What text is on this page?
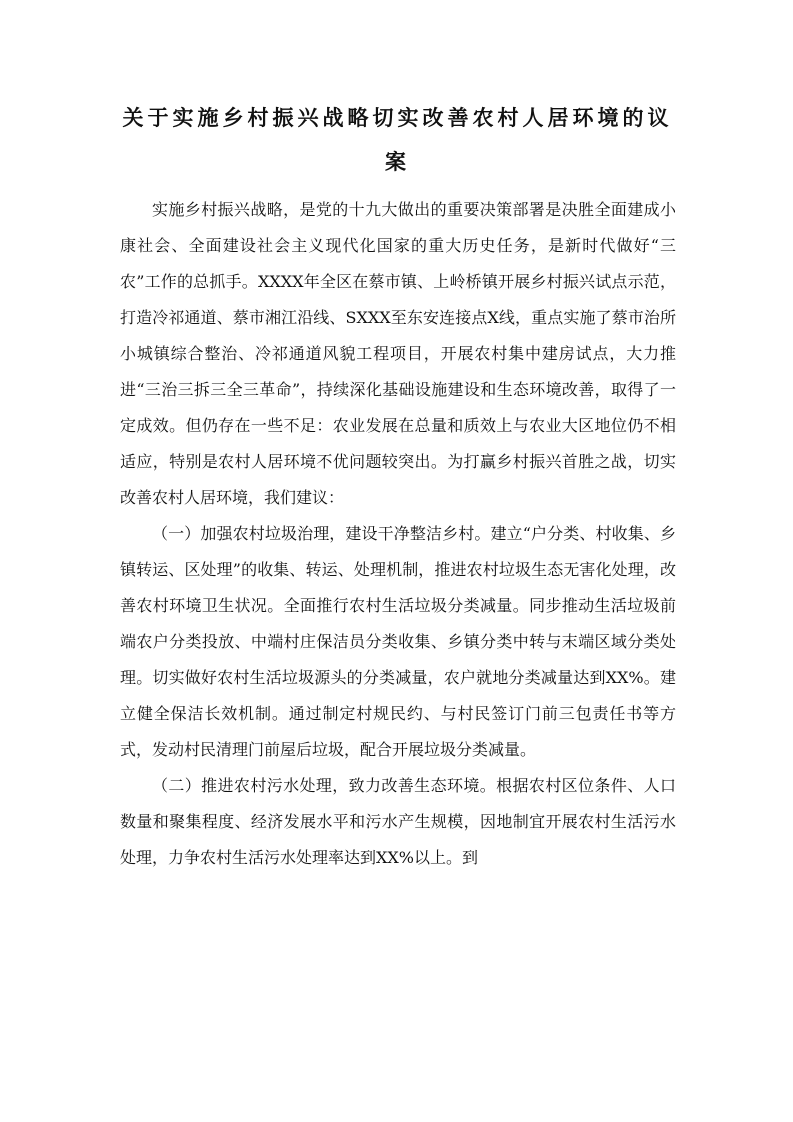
关于实施乡村振兴战略切实改善农村人居环境的议案

实施乡村振兴战略，是党的十九大做出的重要决策部署是决胜全面建成小康社会、全面建设社会主义现代化国家的重大历史任务，是新时代做好“三农”工作的总抓手。XXXX年全区在蔡市镇、上岭桥镇开展乡村振兴试点示范，打造冷祁通道、蔡市湘江沿线、SXXX至东安连接点X线，重点实施了蔡市治所小城镇综合整治、冷祁通道风貌工程项目，开展农村集中建房试点，大力推进“三治三拆三全三革命”，持续深化基础设施建设和生态环境改善，取得了一定成效。但仍存在一些不足：农业发展在总量和质效上与农业大区地位仍不相适应，特别是农村人居环境不优问题较突出。为打赢乡村振兴首胜之战，切实改善农村人居环境，我们建议：

（一）加强农村垃圾治理，建设干净整洁乡村。建立“户分类、村收集、乡镇转运、区处理”的收集、转运、处理机制，推进农村垃圾生态无害化处理，改善农村环境卫生状况。全面推行农村生活垃圾分类减量。同步推动生活垃圾前端农户分类投放、中端村庄保洁员分类收集、乡镇分类中转与末端区域分类处理。切实做好农村生活垃圾源头的分类减量，农户就地分类减量达到XX%。建立健全保洁长效机制。通过制定村规民约、与村民签订门前三包责任书等方式，发动村民清理门前屋后垃圾，配合开展垃圾分类减量。

（二）推进农村污水处理，致力改善生态环境。根据农村区位条件、人口数量和聚集程度、经济发展水平和污水产生规模，因地制宜开展农村生活污水处理，力争农村生活污水处理率达到XX%以上。到
